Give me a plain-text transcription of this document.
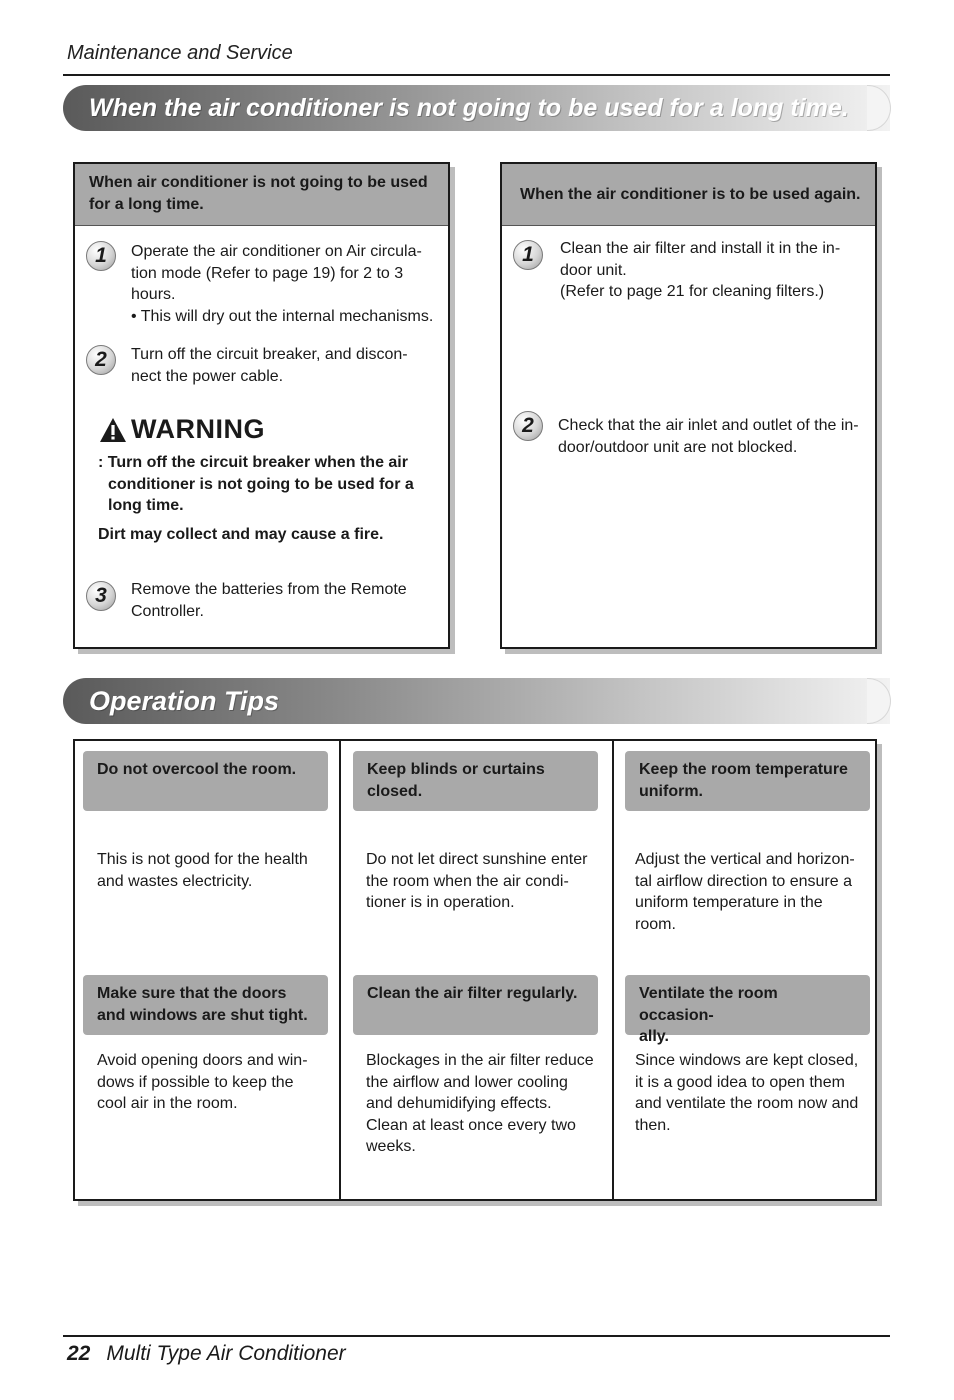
Maintenance and Service
When the air conditioner is not going to be used for a long time.
When air conditioner is not going to be used for a long time.
1	Operate the air conditioner on Air circula-
tion mode (Refer to page 19) for 2 to 3
hours.
• This will dry out the internal mechanisms.
2	Turn off the circuit breaker, and discon-
nect the power cable.
WARNING
: Turn off the circuit breaker when the air
conditioner is not going to be used for a
long time.
Dirt may collect and may cause a fire.
3	Remove the batteries from the Remote
Controller.
When the air conditioner is to be used again.
1	Clean the air filter and install it in the in-
door unit.
(Refer to page 21 for cleaning filters.)
2	Check that the air inlet and outlet of the in-
door/outdoor unit are not blocked.
Operation Tips
Do not overcool the room.
This is not good for the health
and wastes electricity.
Keep blinds or curtains
closed.
Do not let direct sunshine enter
the room when the air condi-
tioner is in operation.
Keep the room temperature
uniform.
Adjust the vertical and horizon-
tal airflow direction to ensure a
uniform temperature in the
room.
Make sure that the doors
and windows are shut tight.
Avoid opening doors and win-
dows if possible to keep the
cool air in the room.
Clean the air filter regularly.
Blockages in the air filter reduce
the airflow and lower cooling
and dehumidifying effects.
Clean at least once every two
weeks.
Ventilate the room occasion-
ally.
Since windows are kept closed,
it is a good idea to open them
and ventilate the room now and
then.
22 Multi Type Air Conditioner
